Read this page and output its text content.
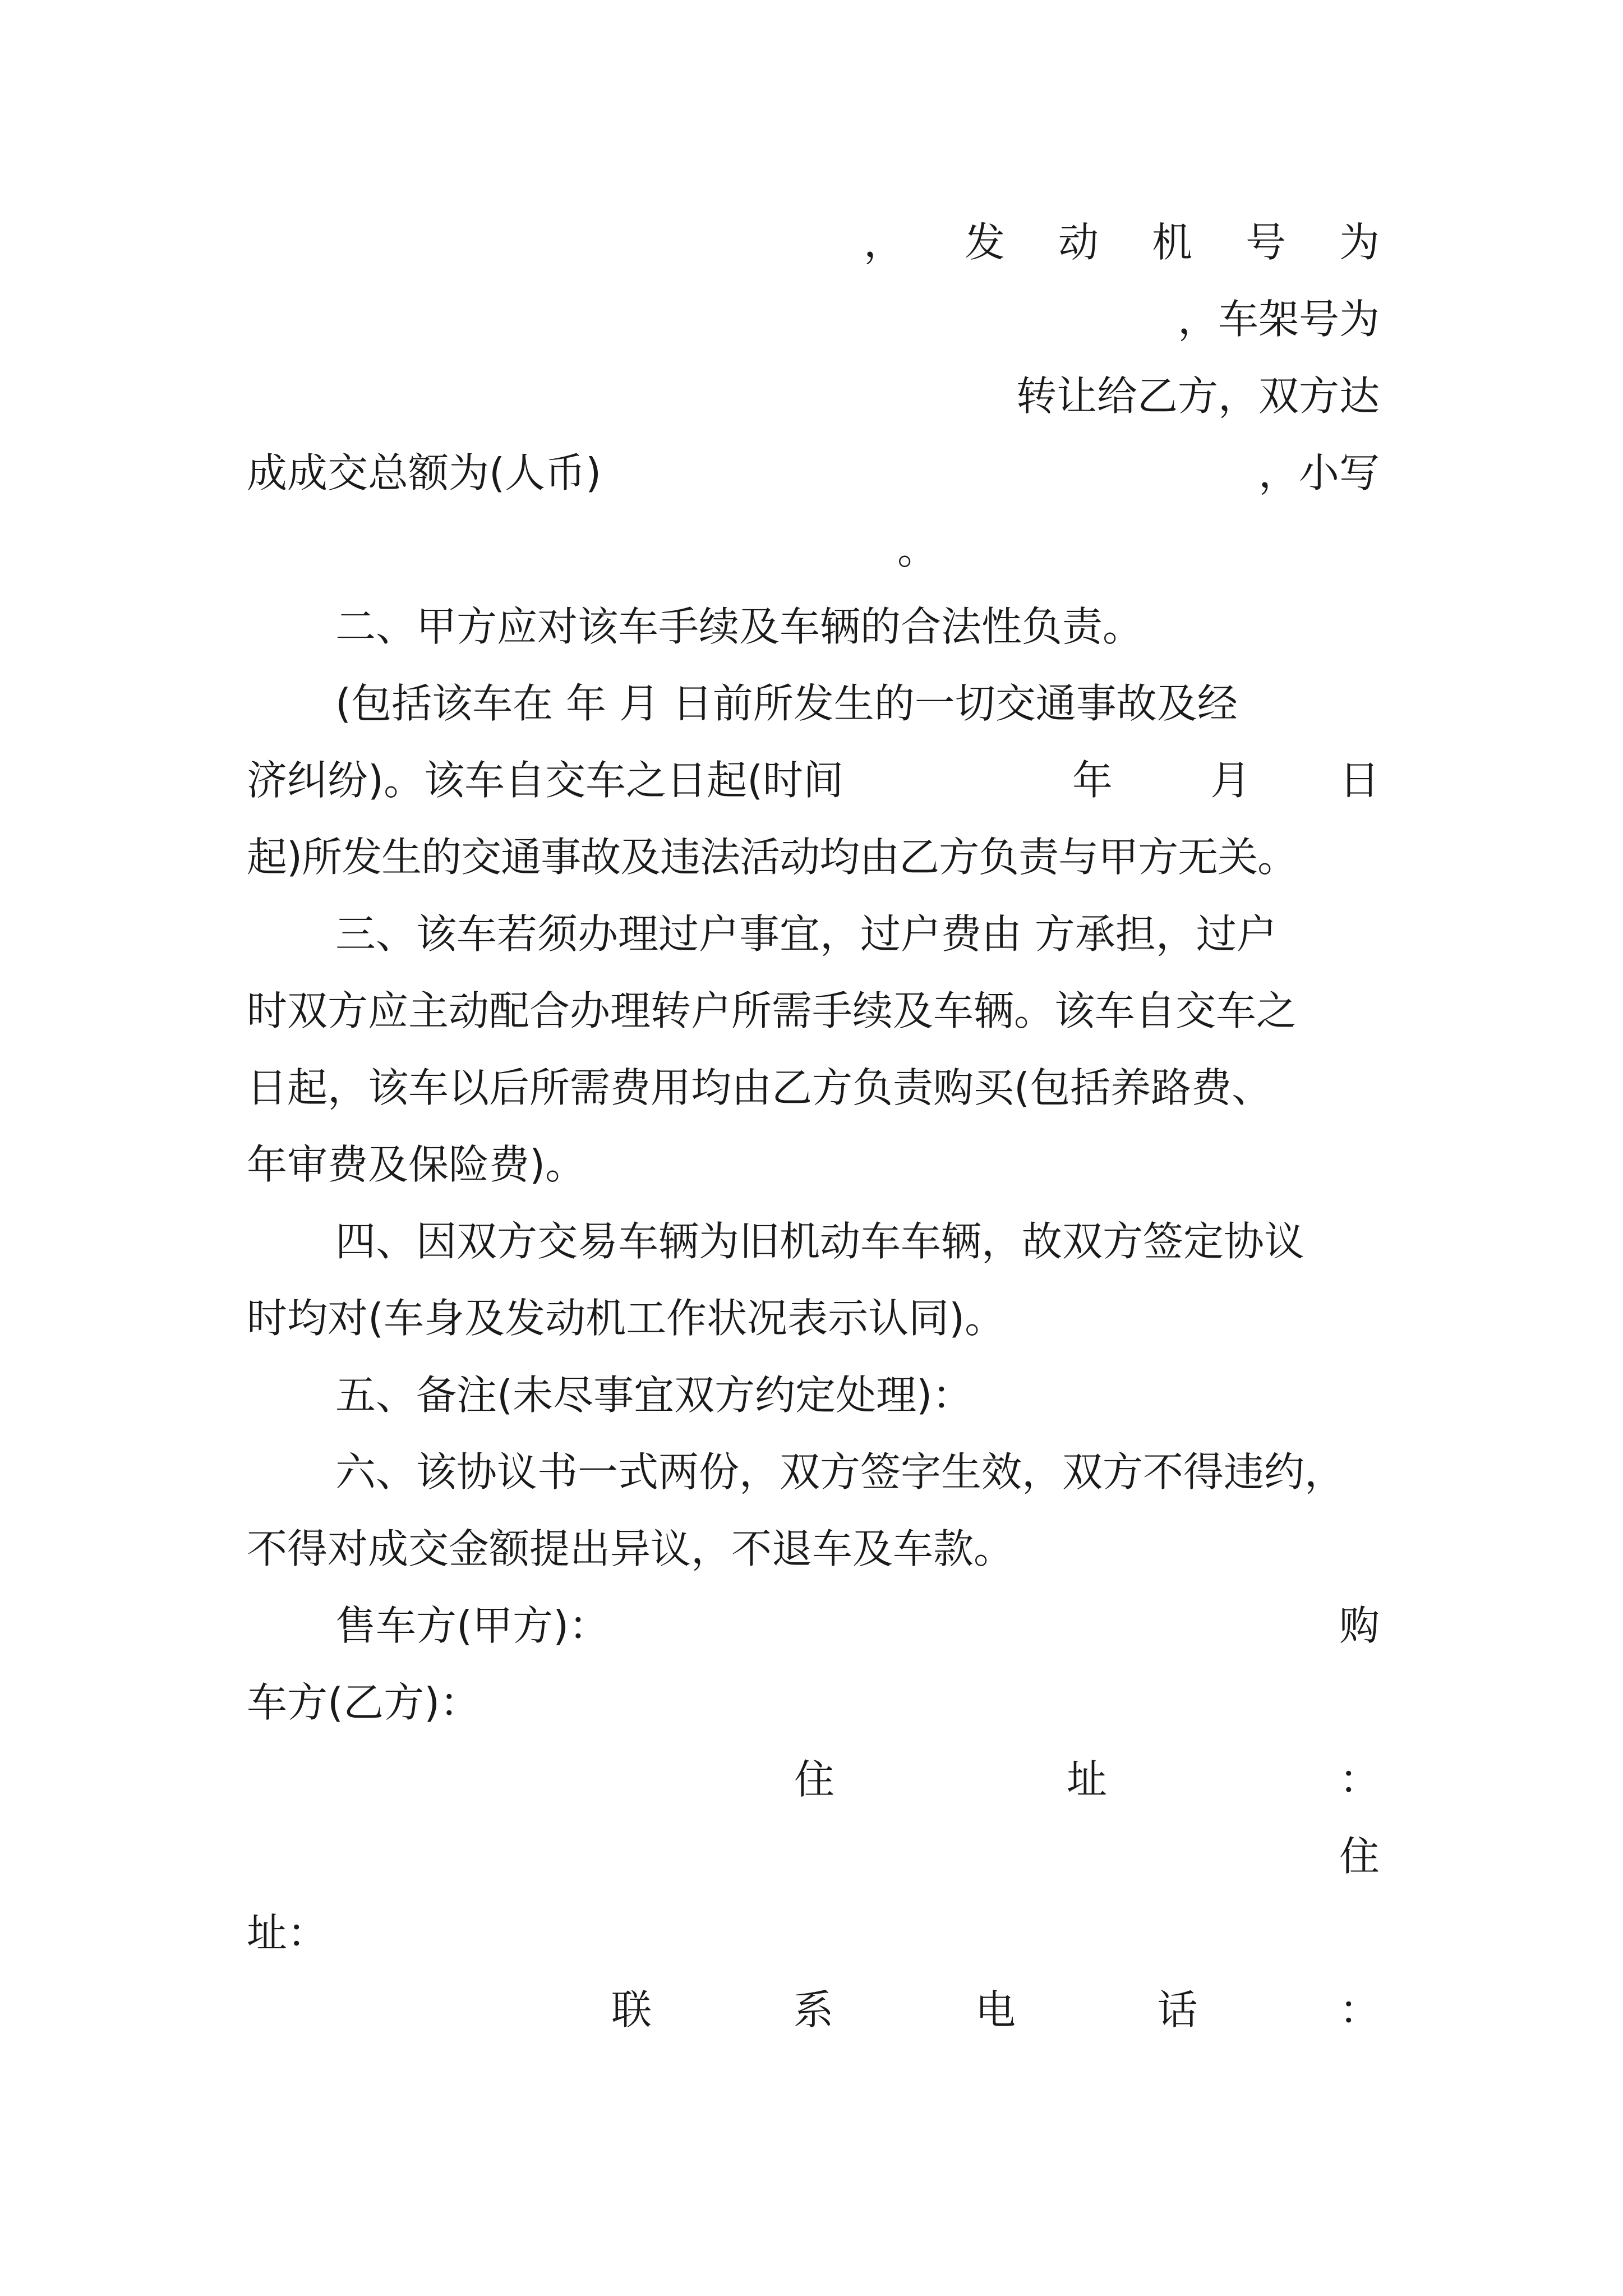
， 发 动 机 号 为
，车架号为
转让给乙方，双方达
成成交总额为(人币)	，小写
。
二、甲方应对该车手续及车辆的合法性负责。
(包括该车在 年 月 日前所发生的一切交通事故及经
济纠纷)。该车自交车之日起(时间	年 月 日
起)所发生的交通事故及违法活动均由乙方负责与甲方无关。
三、该车若须办理过户事宜，过户费由 方承担，过户
时双方应主动配合办理转户所需手续及车辆。该车自交车之
日起，该车以后所需费用均由乙方负责购买(包括养路费、
年审费及保险费)。
四、因双方交易车辆为旧机动车车辆，故双方签定协议
时均对(车身及发动机工作状况表示认同)。
五、备注(未尽事宜双方约定处理)：
六、该协议书一式两份，双方签字生效，双方不得违约，
不得对成交金额提出异议，不退车及车款。
售车方(甲方)：	购
车方(乙方)：
住	址	：
住
址：
联	系	电	话	：
